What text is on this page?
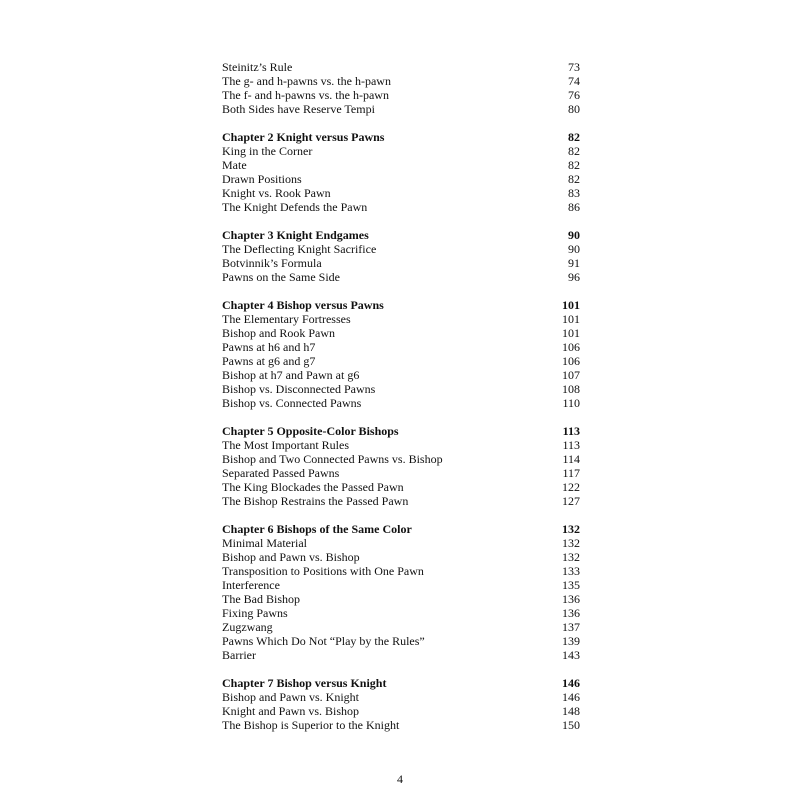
Steinitz’s Rule	73
The g- and h-pawns vs. the h-pawn	74
The f- and h-pawns vs. the h-pawn	76
Both Sides have Reserve Tempi	80
Chapter 2 Knight versus Pawns	82
King in the Corner	82
Mate	82
Drawn Positions	82
Knight vs. Rook Pawn	83
The Knight Defends the Pawn	86
Chapter 3 Knight Endgames	90
The Deflecting Knight Sacrifice	90
Botvinnik’s Formula	91
Pawns on the Same Side	96
Chapter 4 Bishop versus Pawns	101
The Elementary Fortresses	101
Bishop and Rook Pawn	101
Pawns at h6 and h7	106
Pawns at g6 and g7	106
Bishop at h7 and Pawn at g6	107
Bishop vs. Disconnected Pawns	108
Bishop vs. Connected Pawns	110
Chapter 5 Opposite-Color Bishops	113
The Most Important Rules	113
Bishop and Two Connected Pawns vs. Bishop	114
Separated Passed Pawns	117
The King Blockades the Passed Pawn	122
The Bishop Restrains the Passed Pawn	127
Chapter 6 Bishops of the Same Color	132
Minimal Material	132
Bishop and Pawn vs. Bishop	132
Transposition to Positions with One Pawn	133
Interference	135
The Bad Bishop	136
Fixing Pawns	136
Zugzwang	137
Pawns Which Do Not “Play by the Rules”	139
Barrier	143
Chapter 7 Bishop versus Knight	146
Bishop and Pawn vs. Knight	146
Knight and Pawn vs. Bishop	148
The Bishop is Superior to the Knight	150
4
